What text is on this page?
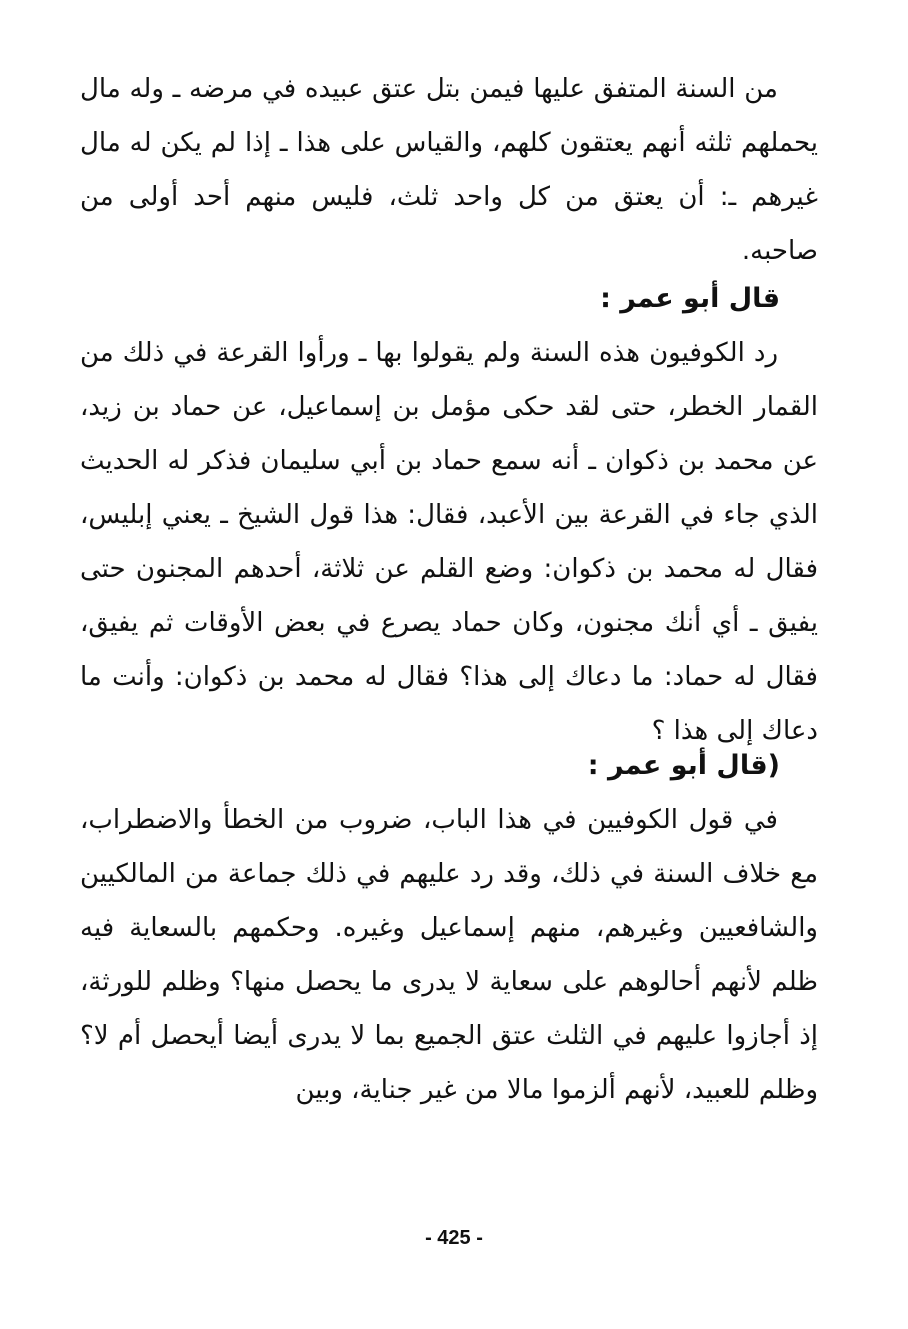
من السنة المتفق عليها فيمن بتل عتق عبيده في مرضه ـ وله مال يحملهم ثلثه أنهم يعتقون كلهم، والقياس على هذا ـ إذا لم يكن له مال غيرهم ـ: أن يعتق من كل واحد ثلث، فليس منهم أحد أولى من صاحبه.

قال أبو عمر :

رد الكوفيون هذه السنة ولم يقولوا بها ـ ورأوا القرعة في ذلك من القمار الخطر، حتى لقد حكى مؤمل بن إسماعيل، عن حماد بن زيد، عن محمد بن ذكوان ـ أنه سمع حماد بن أبي سليمان فذكر له الحديث الذي جاء في القرعة بين الأعبد، فقال: هذا قول الشيخ ـ يعني إبليس، فقال له محمد بن ذكوان: وضع القلم عن ثلاثة، أحدهم المجنون حتى يفيق ـ أي أنك مجنون، وكان حماد يصرع في بعض الأوقات ثم يفيق، فقال له حماد: ما دعاك إلى هذا؟ فقال له محمد بن ذكوان: وأنت ما دعاك إلى هذا ؟

(قال أبو عمر :

في قول الكوفيين في هذا الباب، ضروب من الخطأ والاضطراب، مع خلاف السنة في ذلك، وقد رد عليهم في ذلك جماعة من المالكيين والشافعيين وغيرهم، منهم إسماعيل وغيره. وحكمهم بالسعاية فيه ظلم لأنهم أحالوهم على سعاية لا يدرى ما يحصل منها؟ وظلم للورثة، إذ أجازوا عليهم في الثلث عتق الجميع بما لا يدرى أيضا أيحصل أم لا؟ وظلم للعبيد، لأنهم ألزموا مالا من غير جناية، وبين

- 425 -
